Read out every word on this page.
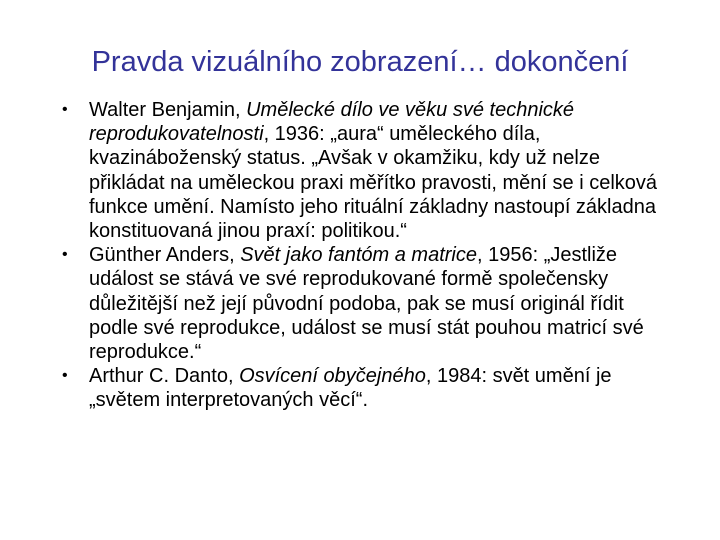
Pravda vizuálního zobrazení… dokončení
• Walter Benjamin, Umělecké dílo ve věku své technické reprodukovatelnosti, 1936: „aura“ uměleckého díla, kvazináboženský status. „Avšak v okamžiku, kdy už nelze přikládat na uměleckou praxi měřítko pravosti, mění se i celková funkce umění. Namísto jeho rituální základny nastoupí základna konstituovaná jinou praxí: politikou.“
• Günther Anders, Svět jako fantóm a matrice, 1956: „Jestliže událost se stává ve své reprodukované formě společensky důležitější než její původní podoba, pak se musí originál řídit podle své reprodukce, událost se musí stát pouhou matricí své reprodukce.“
• Arthur C. Danto, Osvícení obyčejného, 1984: svět umění je „světem interpretovaných věcí“.
